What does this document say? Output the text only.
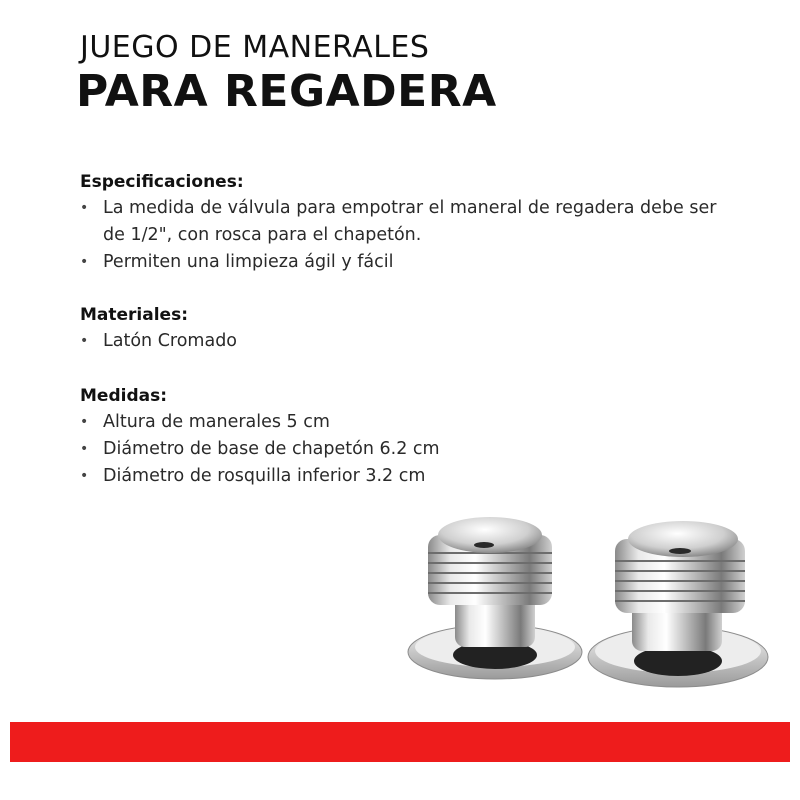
JUEGO DE MANERALES
PARA REGADERA
Especificaciones:
• La medida de válvula para empotrar el maneral de regadera debe ser de 1/2", con rosca para el chapetón.
• Permiten una limpieza ágil y fácil
Materiales:
• Latón Cromado
Medidas:
• Altura de manerales 5 cm
• Diámetro de base de chapetón 6.2 cm
• Diámetro de rosquilla inferior 3.2 cm
